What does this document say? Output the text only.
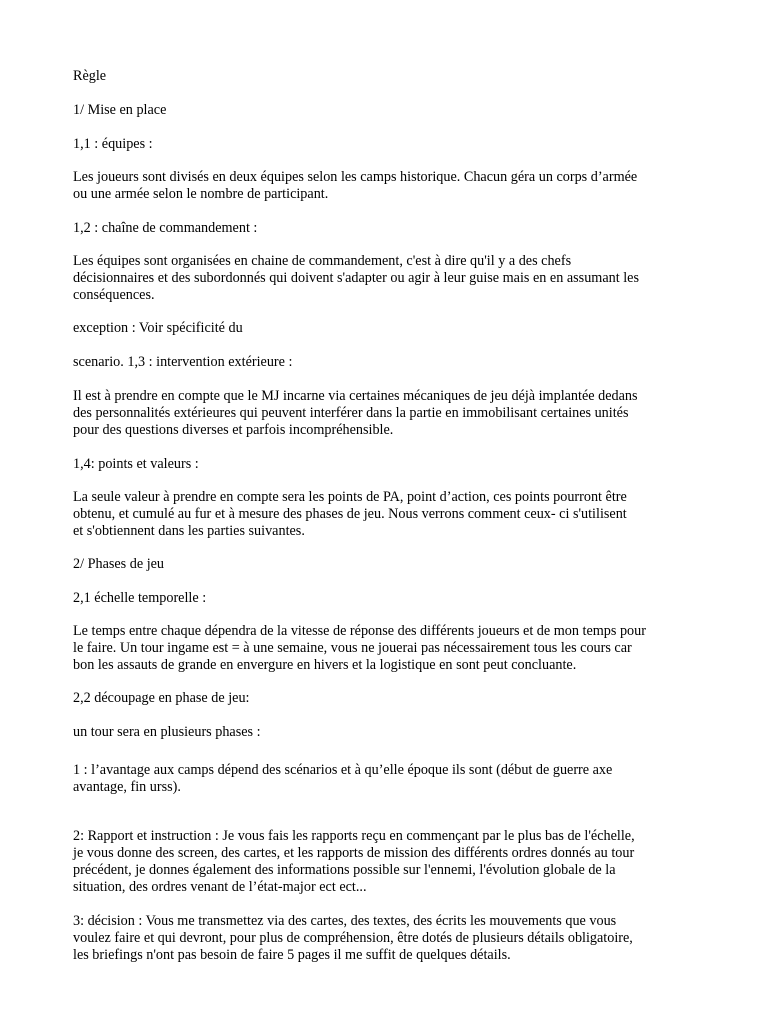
Règle

1/ Mise en place

1,1 : équipes :

Les joueurs sont divisés en deux équipes selon les camps historique. Chacun géra un corps d’armée

ou une armée selon le nombre de participant.

1,2 : chaîne de commandement :

Les équipes sont organisées en chaine de commandement, c'est à dire qu'il y a des chefs

décisionnaires et des subordonnés qui doivent s'adapter ou agir à leur guise mais en en assumant les

conséquences.

exception : Voir spécificité du

scenario. 1,3 : intervention extérieure :

Il est à prendre en compte que le MJ incarne via certaines mécaniques de jeu déjà implantée dedans

des personnalités extérieures qui peuvent interférer dans la partie en immobilisant certaines unités

pour des questions diverses et parfois incompréhensible.

1,4: points et valeurs :

La seule valeur à prendre en compte sera les points de PA, point d’action, ces points pourront être

obtenu, et cumulé au fur et à mesure des phases de jeu. Nous verrons comment ceux- ci s'utilisent

et s'obtiennent dans les parties suivantes.

2/ Phases de jeu

2,1 échelle temporelle :

Le temps entre chaque dépendra de la vitesse de réponse des différents joueurs et de mon temps pour

le faire. Un tour ingame est = à une semaine, vous ne jouerai pas nécessairement tous les cours car

bon les assauts de grande en envergure en hivers et la logistique en sont peut concluante.

2,2 découpage en phase de jeu:

un tour sera en plusieurs phases :

1 : l’avantage aux camps dépend des scénarios et à qu’elle époque ils sont (début de guerre axe

avantage, fin urss).

2: Rapport et instruction : Je vous fais les rapports reçu en commençant par le plus bas de l'échelle,

je vous donne des screen, des cartes, et les rapports de mission des différents ordres donnés au tour

précédent, je donnes également des informations possible sur l'ennemi, l'évolution globale de la

situation, des ordres venant de l’état-major ect ect...

3: décision : Vous me transmettez via des cartes, des textes, des écrits les mouvements que vous

voulez faire et qui devront, pour plus de compréhension, être dotés de plusieurs détails obligatoire,

les briefings n'ont pas besoin de faire 5 pages il me suffit de quelques détails.
